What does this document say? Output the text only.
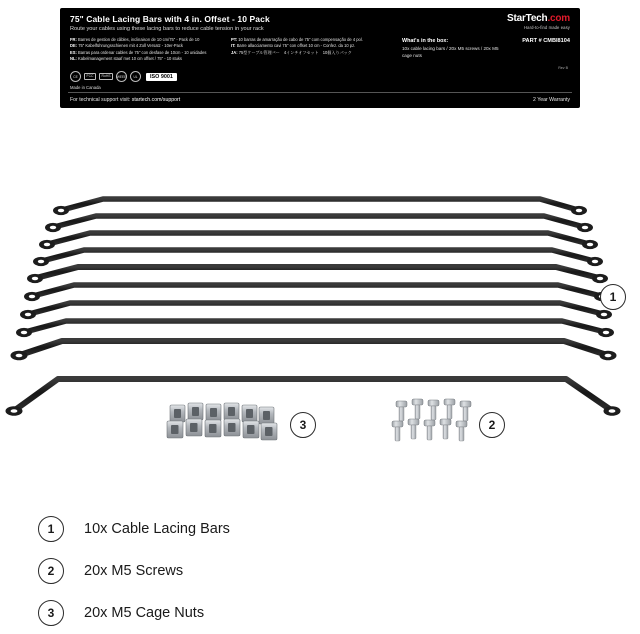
75" Cable Lacing Bars with 4 in. Offset - 10 Pack
Route your cables using these lacing bars to reduce cable tension in your rack
StarTech.com
Hard-to-find made easy
FR: Barres de gestion de câbles, inclinaison de 10 cm/75" - Pack de 10
DE: 75" Kabelführungsschienen mit 4 Zoll Versatz - 10er-Pack
ES: Barras para ordenar cables de 75" con desfase de 10cm - 10 unidades
NL: Kabelmanagement staaf met 10 cm offset / 75" - 10 stuks
PT: 10 barras de amarração de cabo de 75" com compensação de 4 pol.
IT: Barre allacciamento cavi 75" con offset 10 cm - Confez. da 10 pz.
JA: 75型ケーブル管理バー　4インチオフセット　10個入りパック
What's in the box:
10x cable lacing bars / 20x M5 screws / 20x M5 cage nuts
PART # CMBI8104
CE	FCC	RoHS	WEEE	UL	ISO 9001
Made in Canada
Rev B
For technical support visit: startech.com/support	2 Year Warranty
1
3	2
1	10x Cable Lacing Bars
2	20x M5 Screws
3	20x M5 Cage Nuts
